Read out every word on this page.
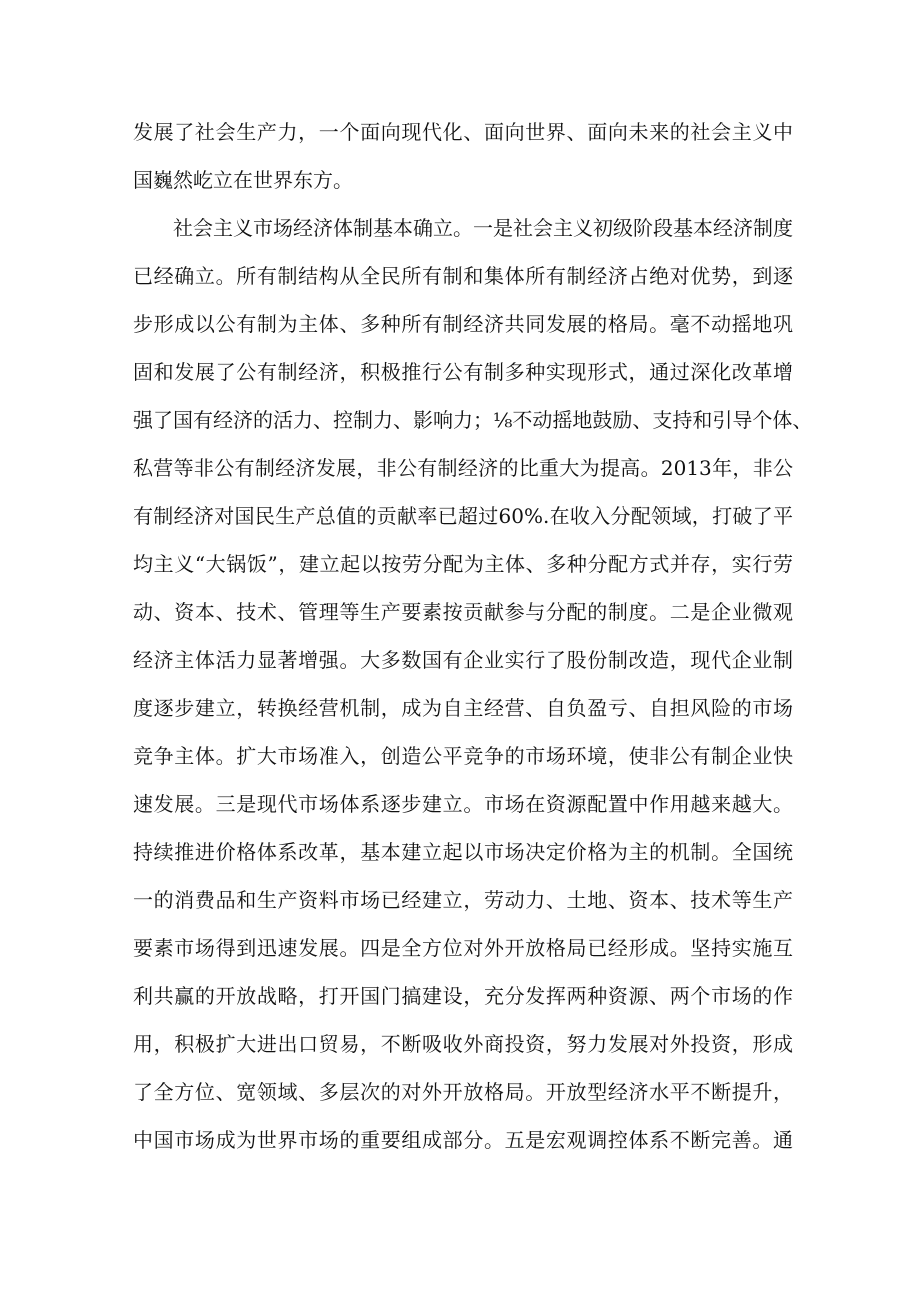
发展了社会生产力，一个面向现代化、面向世界、面向未来的社会主义中
国巍然屹立在世界东方。
社会主义市场经济体制基本确立。一是社会主义初级阶段基本经济制度
已经确立。所有制结构从全民所有制和集体所有制经济占绝对优势，到逐
步形成以公有制为主体、多种所有制经济共同发展的格局。毫不动摇地巩
固和发展了公有制经济，积极推行公有制多种实现形式，通过深化改革增
强了国有经济的活力、控制力、影响力；⅛不动摇地鼓励、支持和引导个体、
私营等非公有制经济发展，非公有制经济的比重大为提高。2013年，非公
有制经济对国民生产总值的贡献率已超过60%.在收入分配领域，打破了平
均主义“大锅饭”，建立起以按劳分配为主体、多种分配方式并存，实行劳
动、资本、技术、管理等生产要素按贡献参与分配的制度。二是企业微观
经济主体活力显著增强。大多数国有企业实行了股份制改造，现代企业制
度逐步建立，转换经营机制，成为自主经营、自负盈亏、自担风险的市场
竞争主体。扩大市场准入，创造公平竞争的市场环境，使非公有制企业快
速发展。三是现代市场体系逐步建立。市场在资源配置中作用越来越大。
持续推进价格体系改革，基本建立起以市场决定价格为主的机制。全国统
一的消费品和生产资料市场已经建立，劳动力、土地、资本、技术等生产
要素市场得到迅速发展。四是全方位对外开放格局已经形成。坚持实施互
利共赢的开放战略，打开国门搞建设，充分发挥两种资源、两个市场的作
用，积极扩大进出口贸易，不断吸收外商投资，努力发展对外投资，形成
了全方位、宽领域、多层次的对外开放格局。开放型经济水平不断提升，
中国市场成为世界市场的重要组成部分。五是宏观调控体系不断完善。通
